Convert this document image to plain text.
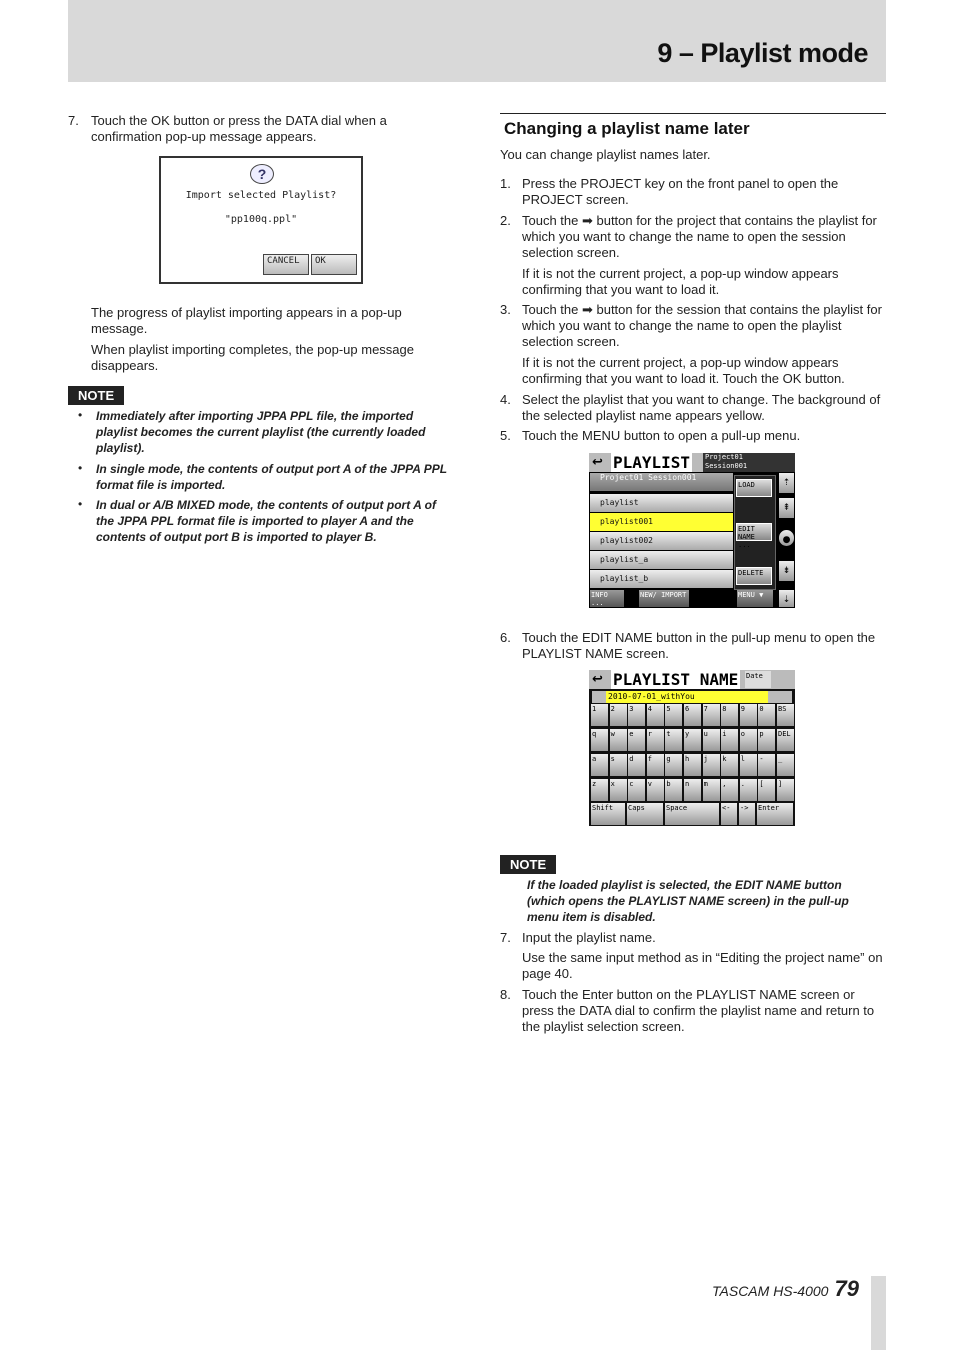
9 – Playlist mode
7. Touch the OK button or press the DATA dial when a confirmation pop-up message appears.
?
Import selected Playlist?
"pp100q.ppl"
CANCEL	OK
The progress of playlist importing appears in a pop-up message.
When playlist importing completes, the pop-up message disappears.
NOTE
• Immediately after importing JPPA PPL file, the imported playlist becomes the current playlist (the currently loaded playlist).
• In single mode, the contents of output port A of the JPPA PPL format file is imported.
• In dual or A/B MIXED mode, the contents of output port A of the JPPA PPL format file is imported to player A and the contents of output port B is imported to player B.
Changing a playlist name later
You can change playlist names later.
1. Press the PROJECT key on the front panel to open the PROJECT screen.
2. Touch the ➡ button for the project that contains the playlist for which you want to change the name to open the session selection screen.
If it is not the current project, a pop-up window appears confirming that you want to load it.
3. Touch the ➡ button for the session that contains the playlist for which you want to change the name to open the playlist selection screen.
If it is not the current project, a pop-up window appears confirming that you want to load it. Touch the OK button.
4. Select the playlist that you want to change. The background of the selected playlist name appears yellow.
5. Touch the MENU button to open a pull-up menu.
↩ PLAYLIST Project01
Session001
Project01 Session001
playlist
playlist001
playlist002
playlist_a
playlist_b
LOAD
EDIT NAME ...
DELETE
⇡
⇞
●
⇟
⇣
INFO ...
NEW/ IMPORT	MENU ▼
6. Touch the EDIT NAME button in the pull-up menu to open the PLAYLIST NAME screen.
↩ PLAYLIST NAME Date
2010-07-01_withYou
1	2	3	4	5	6	7	8	9	0	BS
q	w	e	r	t	y	u	i	o	p	DEL
a	s	d	f	g	h	j	k	l	-	_
z	x	c	v	b	n	m	,	.	[	]
Shift	Caps	Space	<-	->	Enter
NOTE
If the loaded playlist is selected, the EDIT NAME button (which opens the PLAYLIST NAME screen) in the pull-up menu item is disabled.
7. Input the playlist name.
Use the same input method as in “Editing the project name” on page 40.
8. Touch the Enter button on the PLAYLIST NAME screen or press the DATA dial to confirm the playlist name and return to the playlist selection screen.
TASCAM HS-4000 79
